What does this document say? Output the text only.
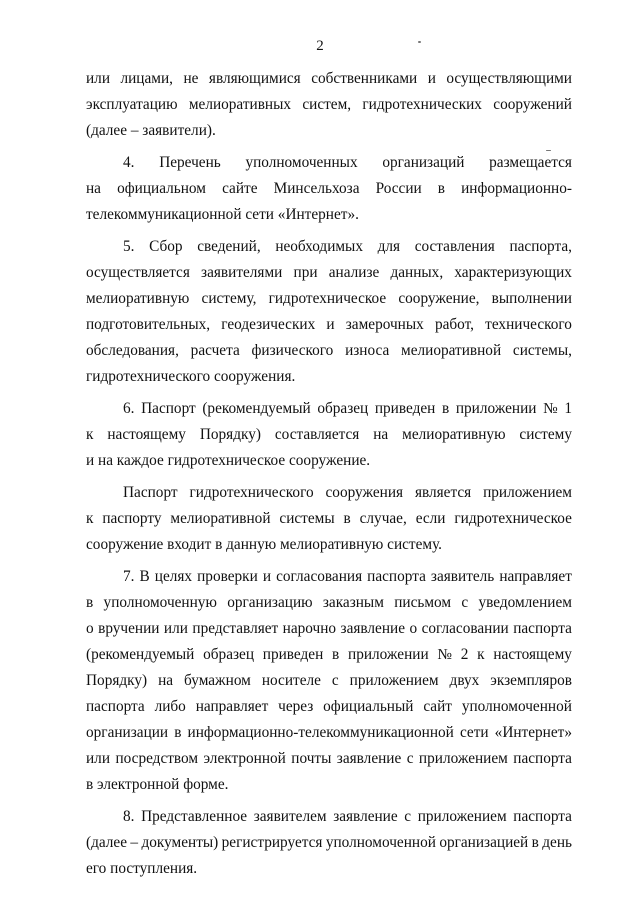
2
или лицами, не являющимися собственниками и осуществляющими
эксплуатацию мелиоративных систем, гидротехнических сооружений
(далее – заявители).
4. Перечень уполномоченных организаций размещается
на официальном сайте Минсельхоза России в информационно-
телекоммуникационной сети «Интернет».
5. Сбор сведений, необходимых для составления паспорта,
осуществляется заявителями при анализе данных, характеризующих
мелиоративную систему, гидротехническое сооружение, выполнении
подготовительных, геодезических и замерочных работ, технического
обследования, расчета физического износа мелиоративной системы,
гидротехнического сооружения.
6. Паспорт (рекомендуемый образец приведен в приложении № 1
к настоящему Порядку) составляется на мелиоративную систему
и на каждое гидротехническое сооружение.
Паспорт гидротехнического сооружения является приложением
к паспорту мелиоративной системы в случае, если гидротехническое
сооружение входит в данную мелиоративную систему.
7. В целях проверки и согласования паспорта заявитель направляет
в уполномоченную организацию заказным письмом с уведомлением
о вручении или представляет нарочно заявление о согласовании паспорта
(рекомендуемый образец приведен в приложении № 2 к настоящему
Порядку) на бумажном носителе с приложением двух экземпляров
паспорта либо направляет через официальный сайт уполномоченной
организации в информационно-телекоммуникационной сети «Интернет»
или посредством электронной почты заявление с приложением паспорта
в электронной форме.
8. Представленное заявителем заявление с приложением паспорта
(далее – документы) регистрируется уполномоченной организацией в день
его поступления.
